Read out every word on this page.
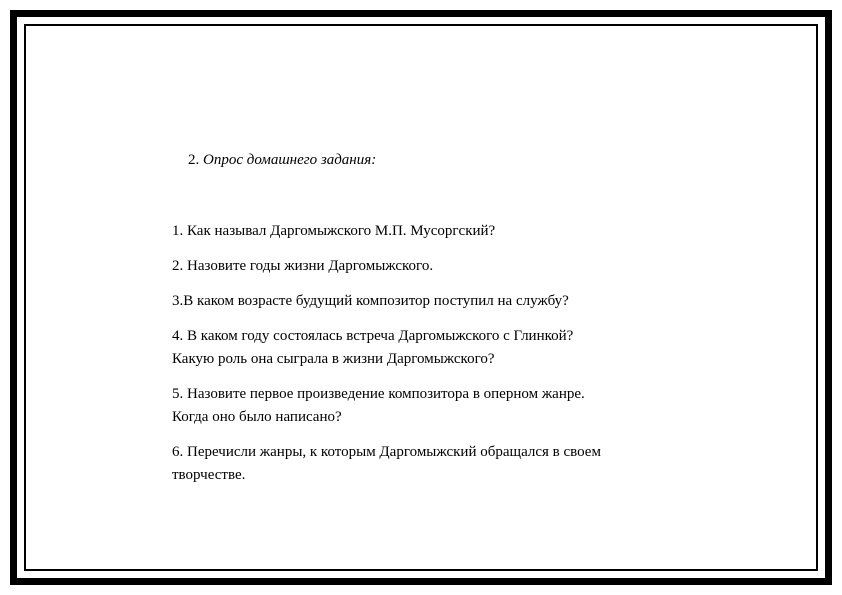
2. Опрос домашнего задания:
1. Как называл Даргомыжского М.П. Мусоргский?
2. Назовите годы жизни Даргомыжского.
3.В каком возрасте будущий композитор поступил на службу?
4. В каком году состоялась встреча Даргомыжского с Глинкой?
Какую роль она сыграла в жизни Даргомыжского?
5. Назовите первое произведение композитора в оперном жанре.
Когда оно было написано?
6. Перечисли жанры, к которым Даргомыжский обращался в своем
творчестве.
